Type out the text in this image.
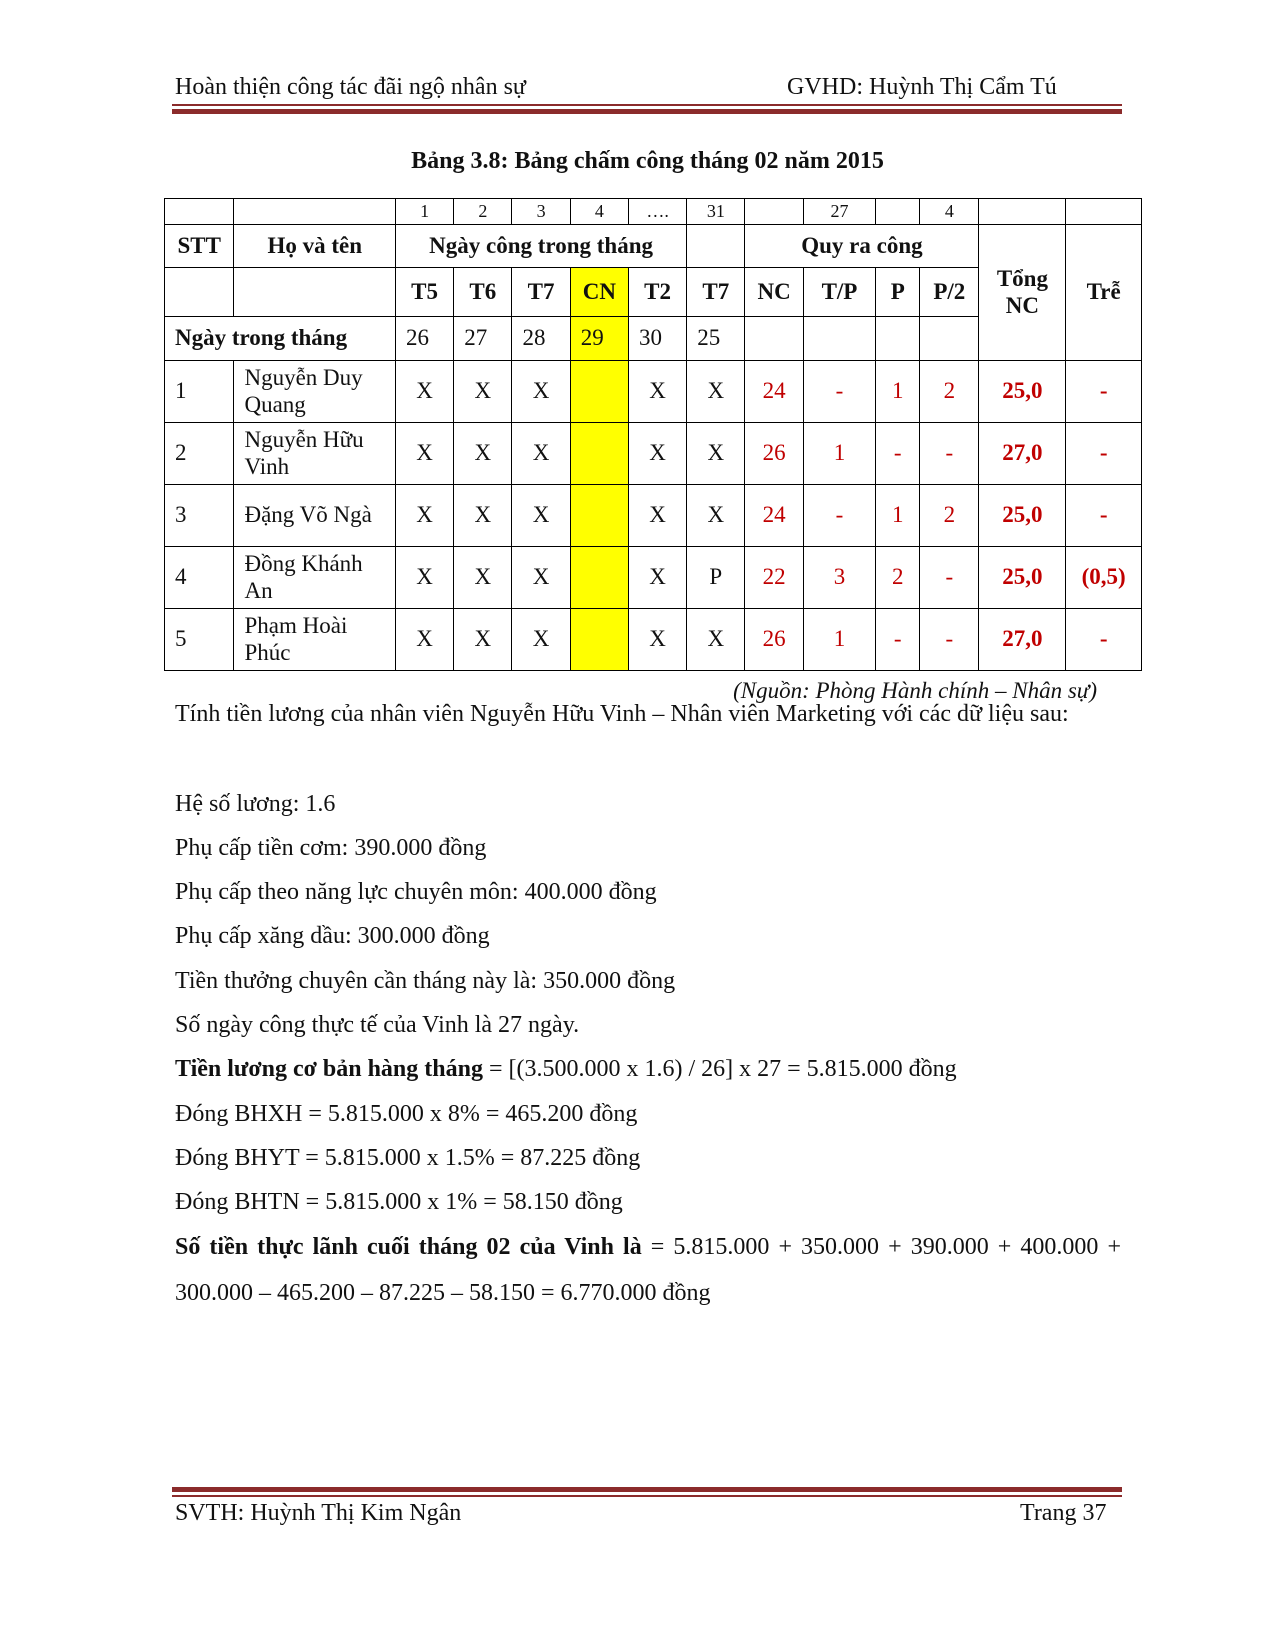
Hoàn thiện công tác đãi ngộ nhân sự	GVHD: Huỳnh Thị Cẩm Tú
Bảng 3.8: Bảng chấm công tháng 02 năm 2015
		1	2	3	4	….	31		27		4		
STT	Họ và tên	Ngày công trong tháng						Quy ra công				Tổng NC	Trễ
		T5	T6	T7	CN	T2	T7	NC	T/P	P	P/2		
Ngày trong tháng		26	27	28	29	30	25						
1	Nguyễn Duy Quang	X	X	X		X	X	24	-	1	2	25,0	-
2	Nguyễn Hữu Vinh	X	X	X		X	X	26	1	-	-	27,0	-
3	Đặng Võ Ngà	X	X	X		X	X	24	-	1	2	25,0	-
4	Đồng Khánh An	X	X	X		X	P	22	3	2	-	25,0	(0,5)
5	Phạm Hoài Phúc	X	X	X		X	X	26	1	-	-	27,0	-
(Nguồn: Phòng Hành chính – Nhân sự)
Tính tiền lương của nhân viên Nguyễn Hữu Vinh – Nhân viên Marketing với các dữ liệu sau:
Hệ số lương: 1.6
Phụ cấp tiền cơm: 390.000 đồng
Phụ cấp theo năng lực chuyên môn: 400.000 đồng
Phụ cấp xăng dầu: 300.000 đồng
Tiền thưởng chuyên cần tháng này là: 350.000 đồng
Số ngày công thực tế của Vinh là 27 ngày.
Tiền lương cơ bản hàng tháng = [(3.500.000 x 1.6) / 26] x 27 = 5.815.000 đồng
Đóng BHXH = 5.815.000 x 8% = 465.200 đồng
Đóng BHYT = 5.815.000 x 1.5% = 87.225 đồng
Đóng BHTN = 5.815.000 x 1% = 58.150 đồng
Số tiền thực lãnh cuối tháng 02 của Vinh là = 5.815.000 + 350.000 + 390.000 + 400.000 + 300.000 – 465.200 – 87.225 – 58.150 = 6.770.000 đồng
SVTH: Huỳnh Thị Kim Ngân	Trang 37
